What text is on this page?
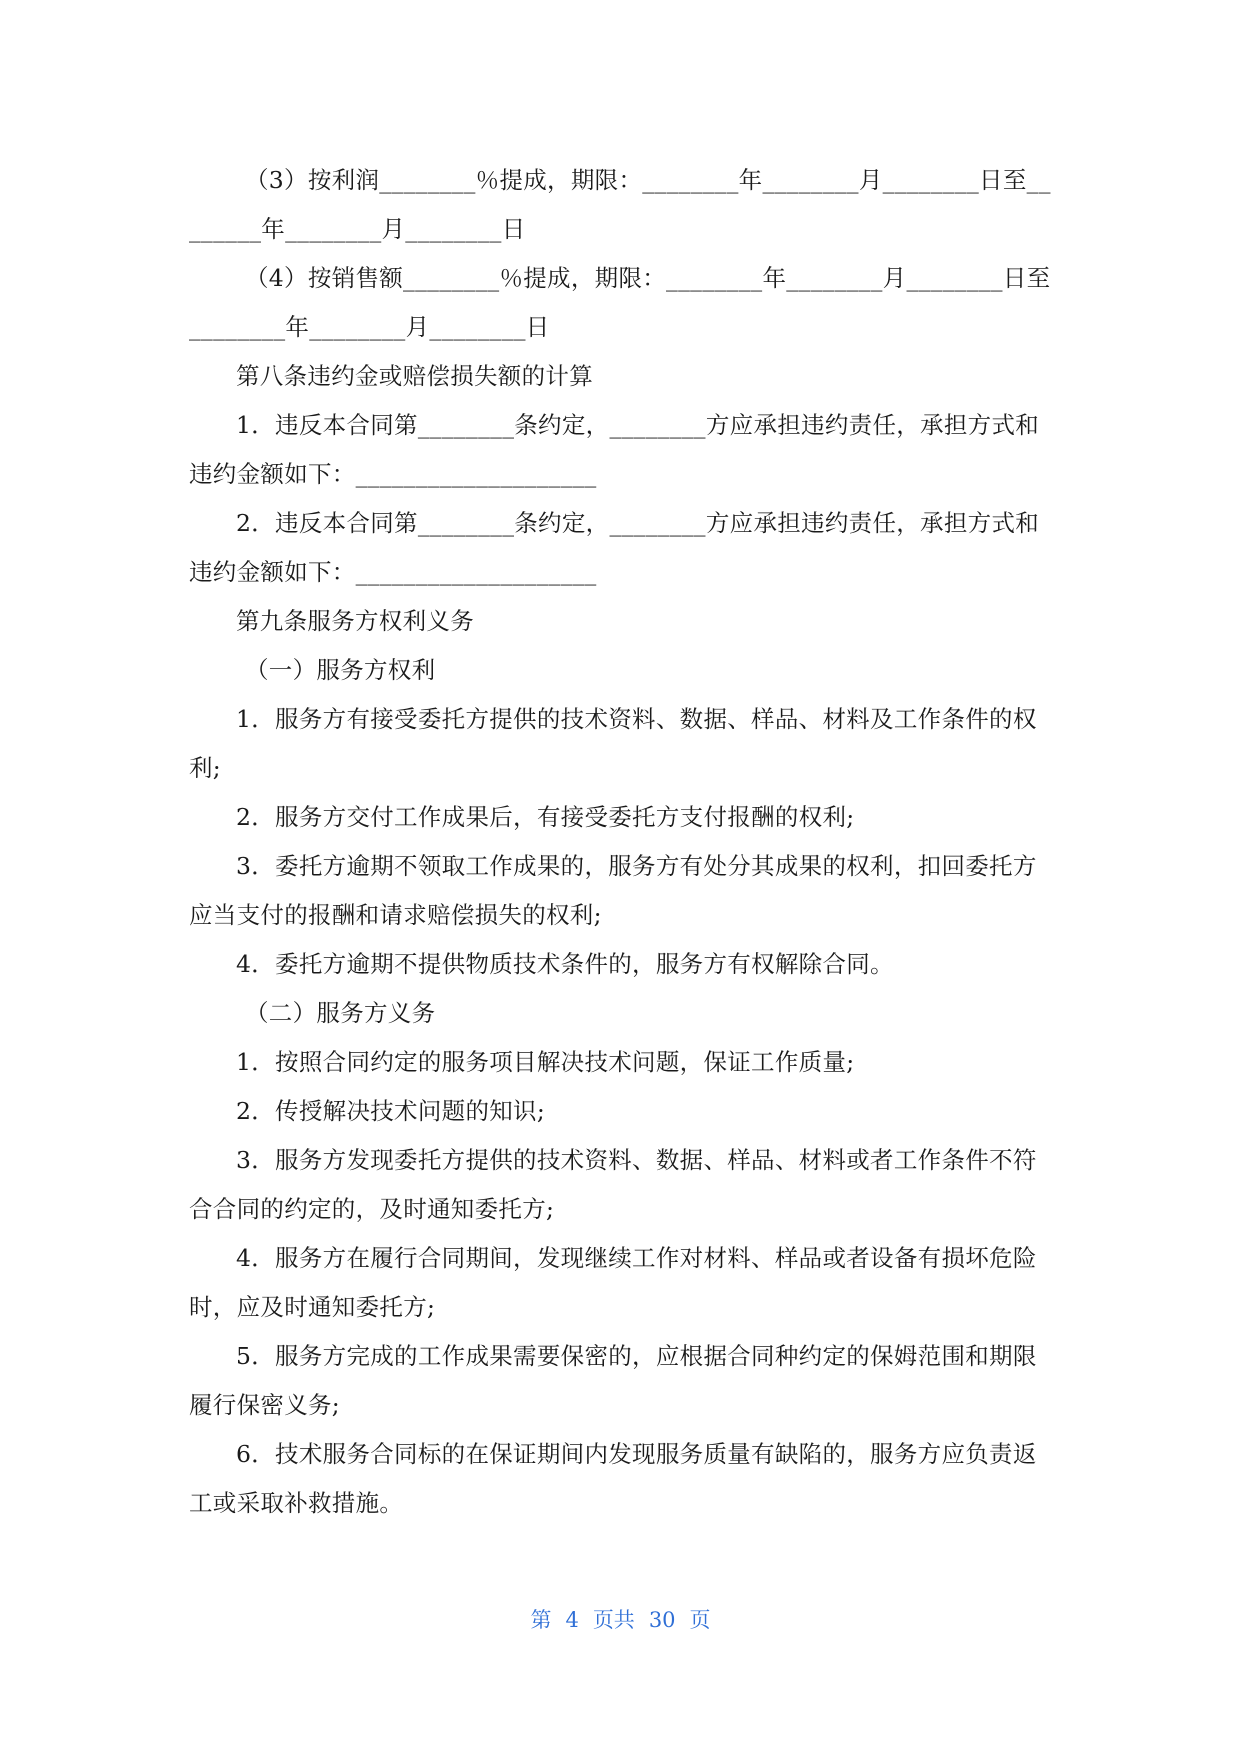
（3）按利润________％提成，期限：________年________月________日至________年________月________日

（4）按销售额________％提成，期限：________年________月________日至________年________月________日

第八条违约金或赔偿损失额的计算

1．违反本合同第________条约定，________方应承担违约责任，承担方式和违约金额如下：____________________

2．违反本合同第________条约定，________方应承担违约责任，承担方式和违约金额如下：____________________

第九条服务方权利义务

（一）服务方权利

1．服务方有接受委托方提供的技术资料、数据、样品、材料及工作条件的权利;

2．服务方交付工作成果后，有接受委托方支付报酬的权利;

3．委托方逾期不领取工作成果的，服务方有处分其成果的权利，扣回委托方应当支付的报酬和请求赔偿损失的权利;

4．委托方逾期不提供物质技术条件的，服务方有权解除合同。

（二）服务方义务

1．按照合同约定的服务项目解决技术问题，保证工作质量;

2．传授解决技术问题的知识;

3．服务方发现委托方提供的技术资料、数据、样品、材料或者工作条件不符合合同的约定的，及时通知委托方;

4．服务方在履行合同期间，发现继续工作对材料、样品或者设备有损坏危险时，应及时通知委托方;

5．服务方完成的工作成果需要保密的，应根据合同种约定的保姆范围和期限履行保密义务;

6．技术服务合同标的在保证期间内发现服务质量有缺陷的，服务方应负责返工或采取补救措施。

第 4 页共 30 页
